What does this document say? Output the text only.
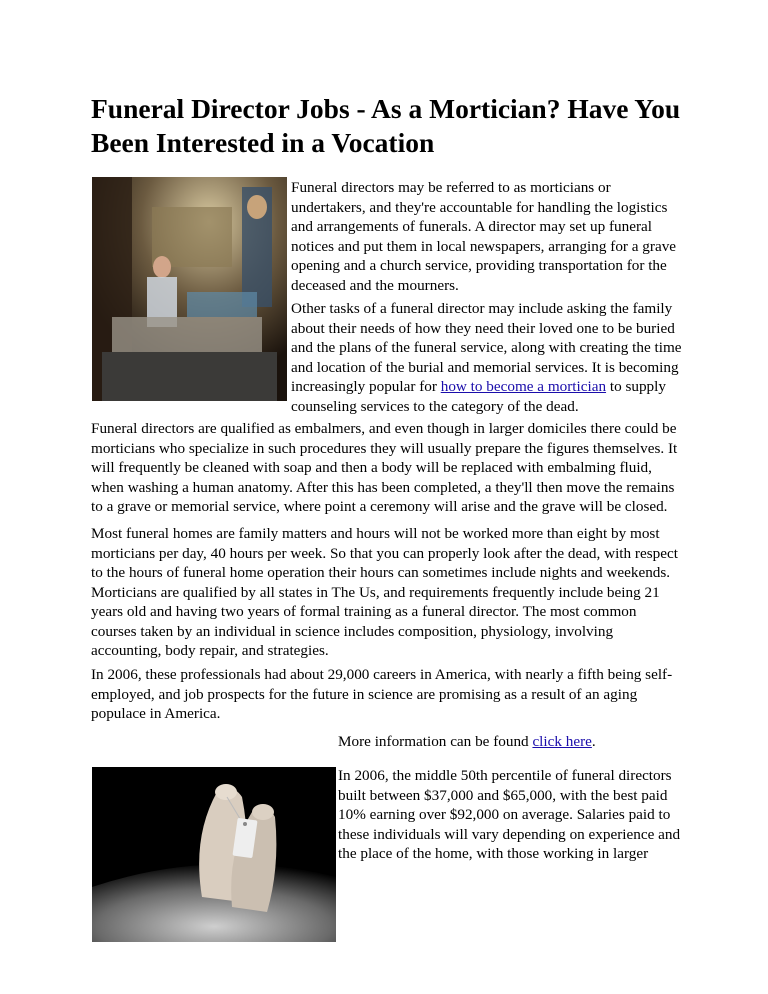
Funeral Director Jobs - As a Mortician? Have You Been Interested in a Vocation

Funeral directors may be referred to as morticians or undertakers, and they're accountable for handling the logistics and arrangements of funerals. A director may set up funeral notices and put them in local newspapers, arranging for a grave opening and a church service, providing transportation for the deceased and the mourners.

Other tasks of a funeral director may include asking the family about their needs of how they need their loved one to be buried and the plans of the funeral service, along with creating the time and location of the burial and memorial services. It is becoming increasingly popular for how to become a mortician to supply counseling services to the category of the dead.

Funeral directors are qualified as embalmers, and even though in larger domiciles there could be morticians who specialize in such procedures they will usually prepare the figures themselves. It will frequently be cleaned with soap and then a body will be replaced with embalming fluid, when washing a human anatomy. After this has been completed, a they'll then move the remains to a grave or memorial service, where point a ceremony will arise and the grave will be closed.

Most funeral homes are family matters and hours will not be worked more than eight by most morticians per day, 40 hours per week. So that you can properly look after the dead, with respect to the hours of funeral home operation their hours can sometimes include nights and weekends. Morticians are qualified by all states in The Us, and requirements frequently include being 21 years old and having two years of formal training as a funeral director. The most common courses taken by an individual in science includes composition, physiology, involving accounting, body repair, and strategies.

In 2006, these professionals had about 29,000 careers in America, with nearly a fifth being self-employed, and job prospects for the future in science are promising as a result of an aging populace in America.

More information can be found click here.

In 2006, the middle 50th percentile of funeral directors built between $37,000 and $65,000, with the best paid 10% earning over $92,000 on average. Salaries paid to these individuals will vary depending on experience and the place of the home, with those working in larger
